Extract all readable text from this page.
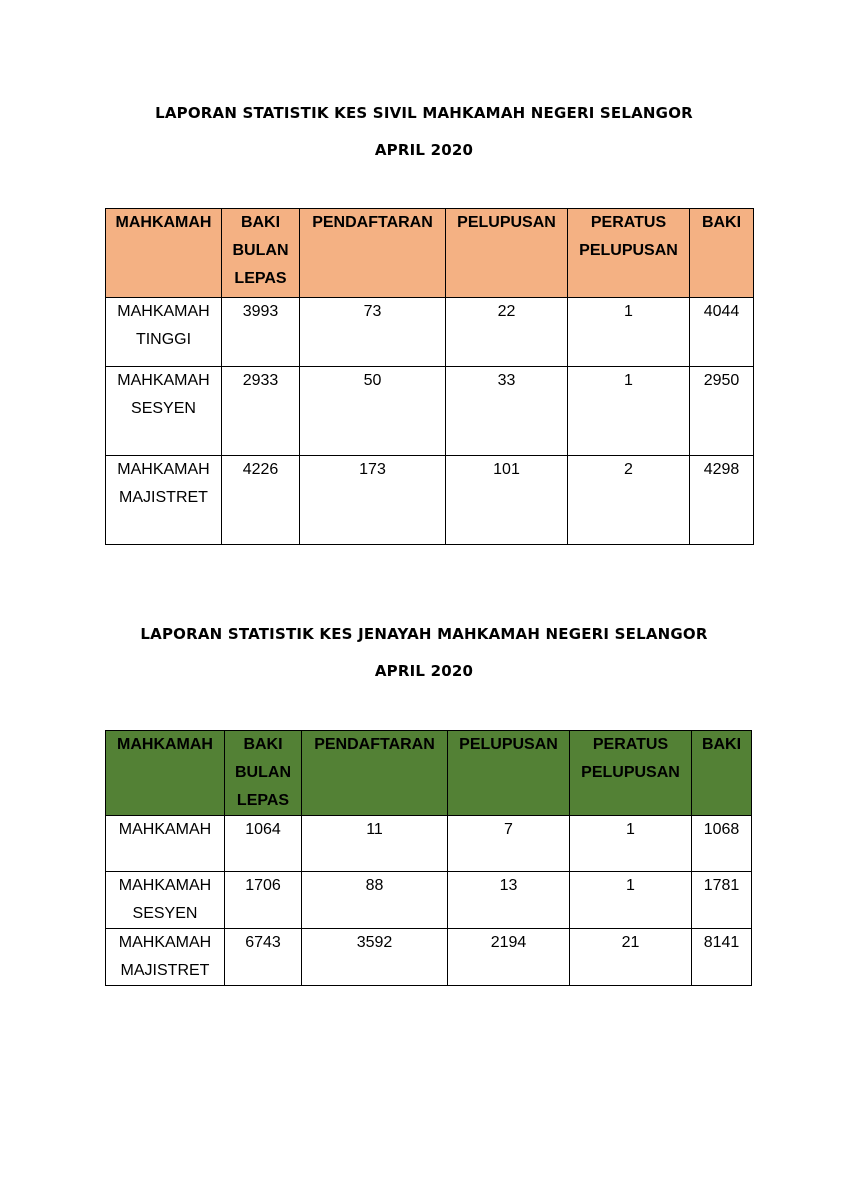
LAPORAN STATISTIK KES SIVIL MAHKAMAH NEGERI SELANGOR
APRIL 2020
MAHKAMAH	BAKI BULAN LEPAS	PENDAFTARAN	PELUPUSAN	PERATUS PELUPUSAN	BAKI
MAHKAMAH TINGGI	3993	73	22	1	4044
MAHKAMAH SESYEN	2933	50	33	1	2950
MAHKAMAH MAJISTRET	4226	173	101	2	4298
LAPORAN STATISTIK KES JENAYAH MAHKAMAH NEGERI SELANGOR
APRIL 2020
MAHKAMAH	BAKI BULAN LEPAS	PENDAFTARAN	PELUPUSAN	PERATUS PELUPUSAN	BAKI
MAHKAMAH	1064	11	7	1	1068
MAHKAMAH SESYEN	1706	88	13	1	1781
MAHKAMAH MAJISTRET	6743	3592	2194	21	8141
